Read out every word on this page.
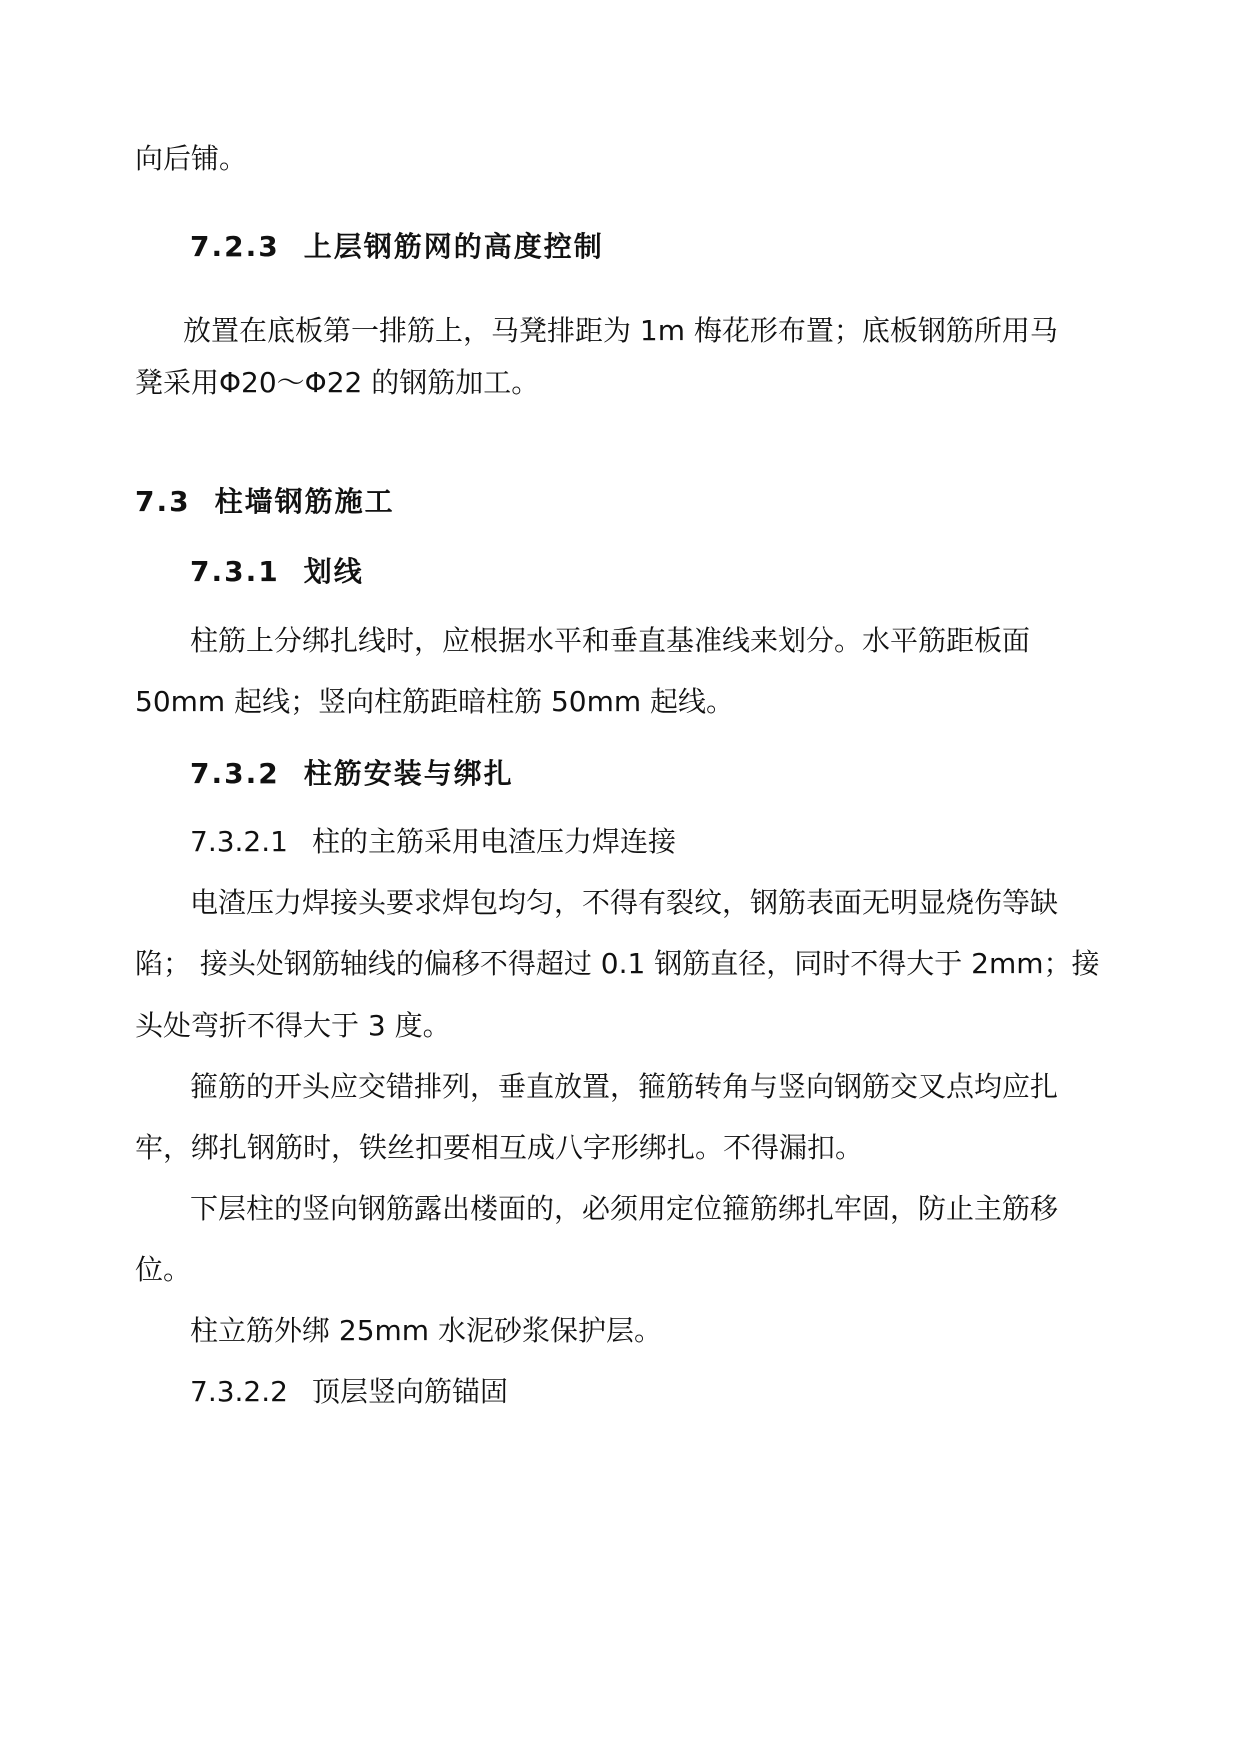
向后铺。

7.2.3 上层钢筋网的高度控制

放置在底板第一排筋上，马凳排距为 1m 梅花形布置；底板钢筋所用马

凳采用Φ20～Φ22 的钢筋加工。

7.3 柱墙钢筋施工
7.3.1 划线

柱筋上分绑扎线时，应根据水平和垂直基准线来划分。水平筋距板面

50mm 起线；竖向柱筋距暗柱筋 50mm 起线。

7.3.2 柱筋安装与绑扎
7.3.2.1 柱的主筋采用电渣压力焊连接

电渣压力焊接头要求焊包均匀，不得有裂纹，钢筋表面无明显烧伤等缺

陷； 接头处钢筋轴线的偏移不得超过 0.1 钢筋直径，同时不得大于 2mm；接

头处弯折不得大于 3 度。

箍筋的开头应交错排列，垂直放置，箍筋转角与竖向钢筋交叉点均应扎

牢，绑扎钢筋时，铁丝扣要相互成八字形绑扎。不得漏扣。

下层柱的竖向钢筋露出楼面的，必须用定位箍筋绑扎牢固，防止主筋移

位。

柱立筋外绑 25mm 水泥砂浆保护层。

7.3.2.2 顶层竖向筋锚固
